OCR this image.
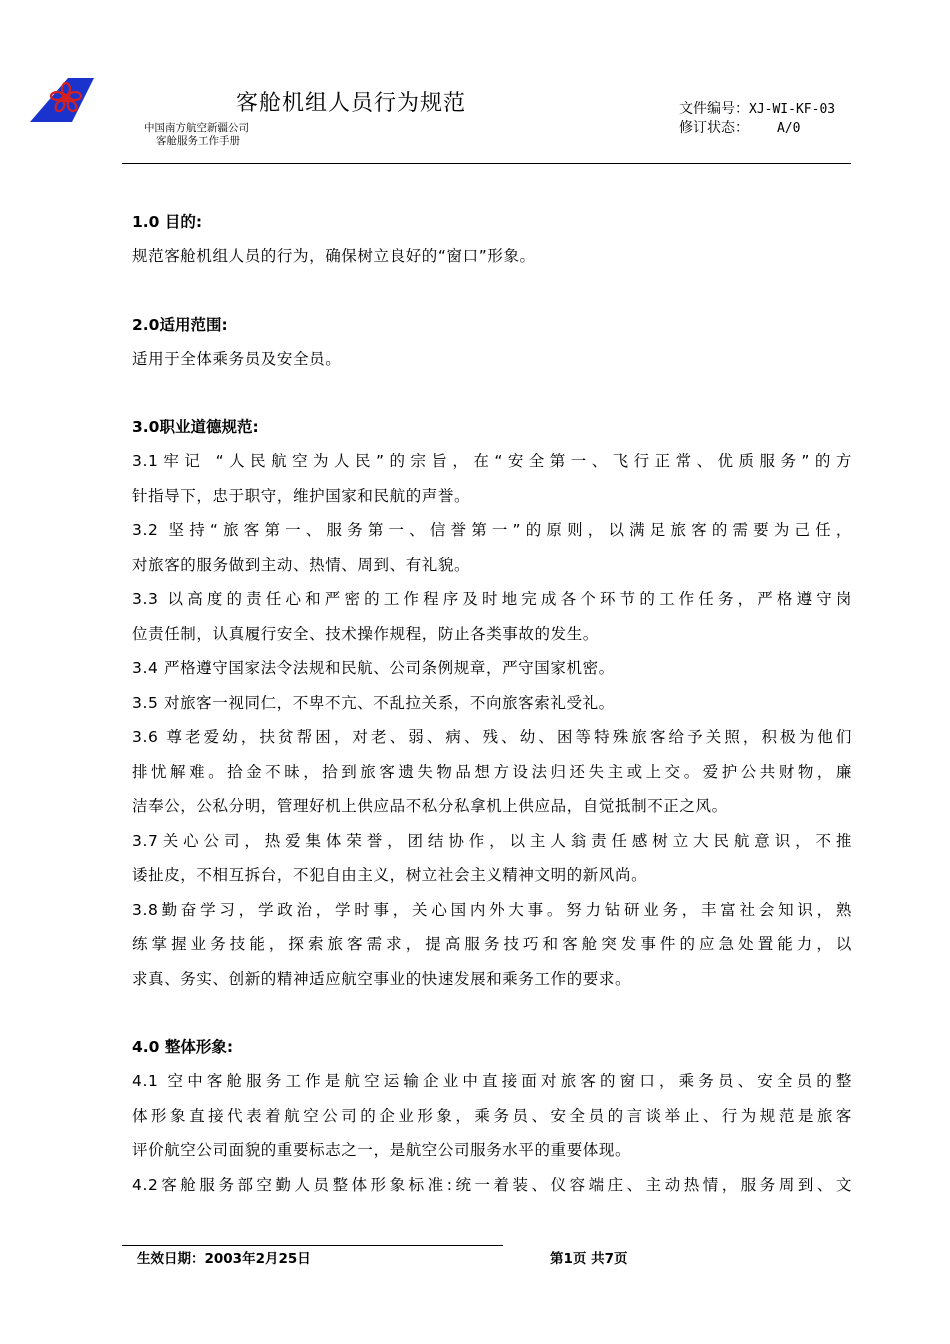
客舱机组人员行为规范
中国南方航空新疆公司
客舱服务工作手册
文件编号：XJ-WI-KF-03
修订状态： A/0
1.0 目的:
规范客舱机组人员的行为，确保树立良好的“窗口”形象。
2.0适用范围:
适用于全体乘务员及安全员。
3.0职业道德规范:
3.1牢记 “人民航空为人民”的宗旨，在“安全第一、飞行正常、优质服务”的方
针指导下，忠于职守，维护国家和民航的声誉。
3.2 坚持“旅客第一、服务第一、信誉第一”的原则，以满足旅客的需要为己任，
对旅客的服务做到主动、热情、周到、有礼貌。
3.3 以高度的责任心和严密的工作程序及时地完成各个环节的工作任务，严格遵守岗
位责任制，认真履行安全、技术操作规程，防止各类事故的发生。
3.4 严格遵守国家法令法规和民航、公司条例规章，严守国家机密。
3.5 对旅客一视同仁，不卑不亢、不乱拉关系，不向旅客索礼受礼。
3.6 尊老爱幼，扶贫帮困，对老、弱、病、残、幼、困等特殊旅客给予关照，积极为他们
排忧解难。拾金不昧，拾到旅客遗失物品想方设法归还失主或上交。爱护公共财物，廉
洁奉公，公私分明，管理好机上供应品不私分私拿机上供应品，自觉抵制不正之风。
3.7关心公司，热爱集体荣誉，团结协作，以主人翁责任感树立大民航意识，不推
诿扯皮，不相互拆台，不犯自由主义，树立社会主义精神文明的新风尚。
3.8勤奋学习，学政治，学时事，关心国内外大事。努力钻研业务，丰富社会知识，熟
练掌握业务技能，探索旅客需求，提高服务技巧和客舱突发事件的应急处置能力，以
求真、务实、创新的精神适应航空事业的快速发展和乘务工作的要求。
4.0 整体形象:
4.1 空中客舱服务工作是航空运输企业中直接面对旅客的窗口，乘务员、安全员的整
体形象直接代表着航空公司的企业形象，乘务员、安全员的言谈举止、行为规范是旅客
评价航空公司面貌的重要标志之一，是航空公司服务水平的重要体现。
4.2客舱服务部空勤人员整体形象标准:统一着装、仪容端庄、主动热情，服务周到、文
生效日期：2003年2月25日	第1页 共7页
